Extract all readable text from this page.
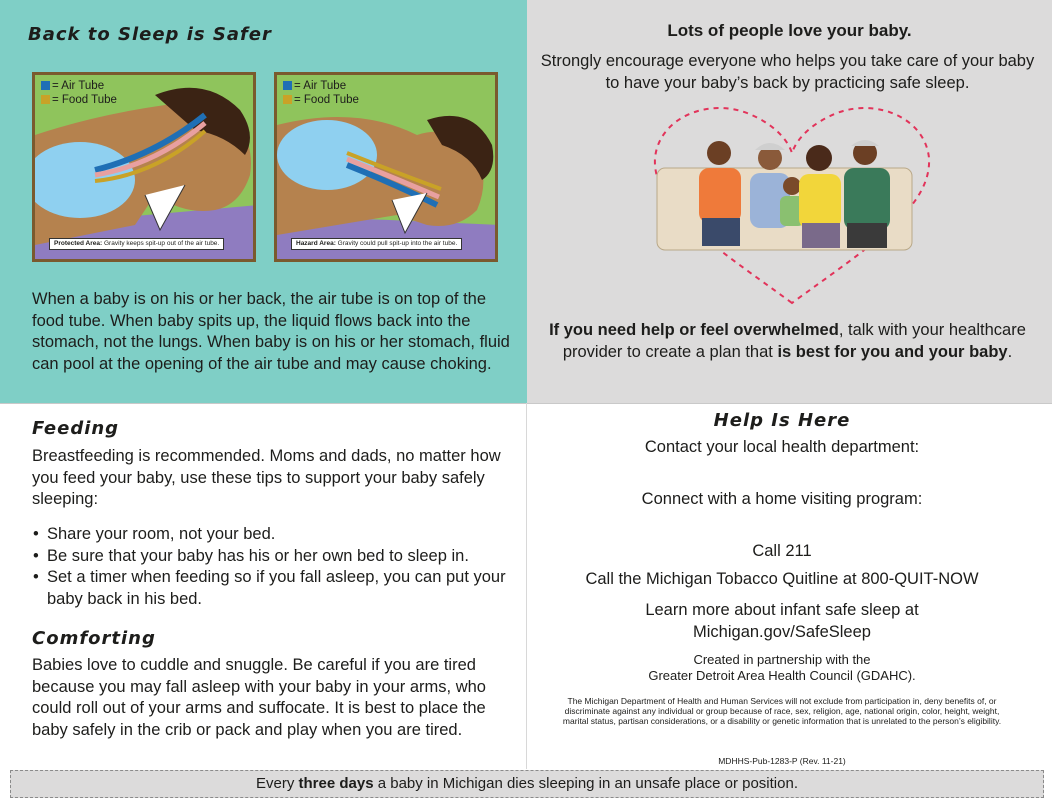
Back to Sleep is Safer
= Air Tube
= Food Tube
Protected Area: Gravity keeps spit-up out of the air tube.
= Air Tube
= Food Tube
Hazard Area: Gravity could pull spit-up into the air tube.
When a baby is on his or her back, the air tube is on top of the food tube. When baby spits up, the liquid flows back into the stomach, not the lungs. When baby is on his or her stomach, fluid can pool at the opening of the air tube and may cause choking.
Lots of people love your baby.
Strongly encourage everyone who helps you take care of your baby to have your baby’s back by practicing safe sleep.
If you need help or feel overwhelmed, talk with your healthcare provider to create a plan that is best for you and your baby.
Feeding
Breastfeeding is recommended. Moms and dads, no matter how you feed your baby, use these tips to support your baby safely sleeping:
• Share your room, not your bed.
• Be sure that your baby has his or her own bed to sleep in.
• Set a timer when feeding so if you fall asleep, you can put your baby back in his bed.
Comforting
Babies love to cuddle and snuggle. Be careful if you are tired because you may fall asleep with your baby in your arms, who could roll out of your arms and suffocate. It is best to place the baby safely in the crib or pack and play when you are tired.
Help Is Here
Contact your local health department:
Connect with a home visiting program:
Call 211
Call the Michigan Tobacco Quitline at 800-QUIT-NOW
Learn more about infant safe sleep at
Michigan.gov/SafeSleep
Created in partnership with the
Greater Detroit Area Health Council (GDAHC).
The Michigan Department of Health and Human Services will not exclude from participation in, deny benefits of, or discriminate against any individual or group because of race, sex, religion, age, national origin, color, height, weight, marital status, partisan considerations, or a disability or genetic information that is unrelated to the person’s eligibility.
MDHHS-Pub-1283-P (Rev. 11-21)
Every three days a baby in Michigan dies sleeping in an unsafe place or position.
